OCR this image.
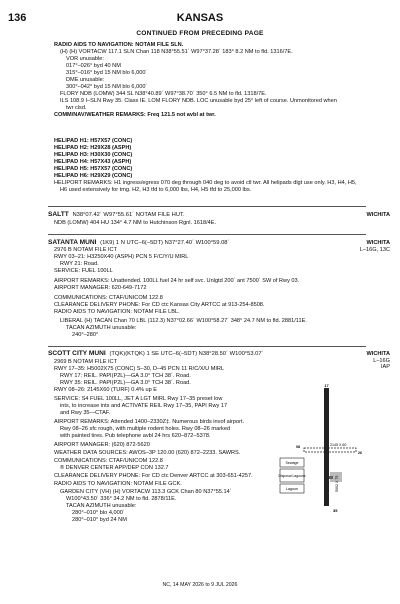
136	KANSAS
CONTINUED FROM PRECEDING PAGE
RADIO AIDS TO NAVIGATION: NOTAM FILE SLN.
(H) (H) VORTACW 117.1 SLN Chan 118 N38°55.51´ W97°37.28´ 183° 8.2 NM to fld. 1316/7E.
VOR unusable:
017°–026° byd 40 NM
315°–016° byd 15 NM blo 6,000´
DME unusable:
300°–042° byd 15 NM blo 6,000´
FLORY NDB (LOMW) 344 SL N38°40.89´ W97°38.70´ 350° 6.5 NM to fld. 1318/7E.
ILS 108.9 I–SLN Rwy 35. Class IE. LOM FLORY NDB. LOC unusable byd 25° left of course. Unmonitored when
twr clsd.
COMM/NAV/WEATHER REMARKS: Freq 121.5 not avbl at twr.
HELIPAD H1: H57X57 (CONC)
HELIPAD H2: H29X28 (ASPH)
HELIPAD H3: H30X30 (CONC)
HELIPAD H4: H57X43 (ASPH)
HELIPAD H5: H57X57 (CONC)
HELIPAD H6: H29X29 (CONC)
HELIPORT REMARKS: H1 ingress/egress 070 deg through 040 deg to avoid ctl twr. All helipads dlgt use only. H3, H4, H5,
H6 used extensively for tmg. H2, H3 tfd to 6,000 lbs, H4, H5 tfd to 25,000 lbs.
SALTT N38°07.42´ W97°55.61´ NOTAM FILE HUT.	WICHITA
NDB (LOMW) 404 HU 134° 4.7 NM to Hutchinson Rgnl. 1618/4E.
SATANTA MUNI (1K9) 1 N UTC–6(–5DT) N37°27.40´ W100°59.08´	WICHITA
L–16G, 13C
2976 B NOTAM FILE ICT
RWY 03–21: H3250X40 (ASPH) PCN 5 F/C/Y/U MIRL
RWY 21: Road.
SERVICE: FUEL 100LL
AIRPORT REMARKS: Unattended. 100LL fuel 24 hr self svc. Unlgtd 200´ ant 7500´ SW of Rwy 03.
AIRPORT MANAGER: 620-649-7172
COMMUNICATIONS: CTAF/UNICOM 122.8
CLEARANCE DELIVERY PHONE: For CD ctc Kansas City ARTCC at 913-254-8508.
RADIO AIDS TO NAVIGATION: NOTAM FILE LBL.
LIBERAL (H) TACAN Chan 70 LBL (112.3) N37°02.66´ W100°58.27´ 348° 24.7 NM to fld. 2881/11E.
TACAN AZIMUTH unusable:
240°–280°
SCOTT CITY MUNI (TQK)(KTQK) 1 SE UTC–6(–5DT) N38°28.50´ W100°53.07´	WICHITA
L–16G
IAP
2969 B NOTAM FILE ICT
RWY 17–35: H5002X75 (CONC) S–30, D–45 PCN 11 R/C/X/U MIRL
RWY 17: REIL. PAPI(P2L)—GA 3.0° TCH 38´. Road.
RWY 35: REIL. PAPI(P2L)—GA 3.0° TCH 38´. Road.
RWY 08–26: 2145X60 (TURF) 0.4% up E
SERVICE: S4 FUEL 100LL, JET A LGT MIRL Rwy 17–35 preset low
ints, to increase ints and ACTIVATE REIL Rwy 17–35, PAPI Rwy 17
and Rwy 35—CTAF.
AIRPORT REMARKS: Attended 1400–2330Z‡. Numerous birds invof airport.
Rwy 08–26 sfc rough, with multiple rodent holes. Rwy 08–26 marked
with painted tires. Pub telephone avbl 24 hrs 620–872–5378.
AIRPORT MANAGER: (620) 872-5620
WEATHER DATA SOURCES: AWOS–3P 120.00 (620) 872–2233. SAWRS.
COMMUNICATIONS: CTAF/UNICOM 122.8
® DENVER CENTER APP/DEP CON 132.7
CLEARANCE DELIVERY PHONE: For CD ctc Denver ARTCC at 303-651-4257.
RADIO AIDS TO NAVIGATION: NOTAM FILE GCK.
GARDEN CITY (VH) (H) VORTACW 113.3 GCK Chan 80 N37°55.14´
W100°43.50´ 336° 34.2 NM to fld. 2878/11E.
TACAN AZIMUTH unusable:
280°–010° blo 4,000´
280°–010° byd 24 NM
Sewage
Disposal Lagoons
Lagoon
17
35
08
26
2145 X 60
5002 X 75
NC, 14 MAY 2026 to 9 JUL 2026
